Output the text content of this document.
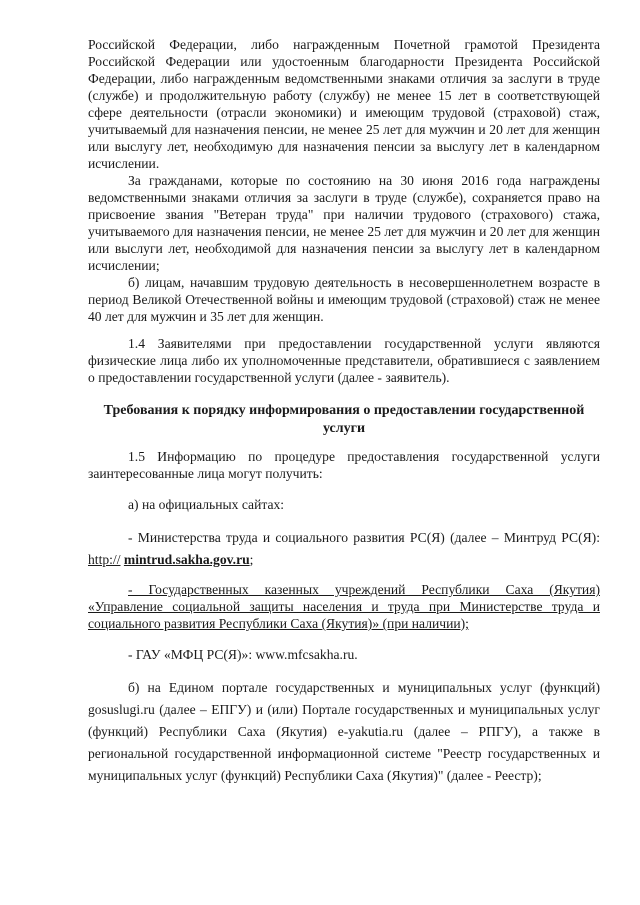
Российской Федерации, либо награжденным Почетной грамотой Президента Российской Федерации или удостоенным благодарности Президента Российской Федерации, либо награжденным ведомственными знаками отличия за заслуги в труде (службе) и продолжительную работу (службу) не менее 15 лет в соответствующей сфере деятельности (отрасли экономики) и имеющим трудовой (страховой) стаж, учитываемый для назначения пенсии, не менее 25 лет для мужчин и 20 лет для женщин или выслугу лет, необходимую для назначения пенсии за выслугу лет в календарном исчислении.

За гражданами, которые по состоянию на 30 июня 2016 года награждены ведомственными знаками отличия за заслуги в труде (службе), сохраняется право на присвоение звания "Ветеран труда" при наличии трудового (страхового) стажа, учитываемого для назначения пенсии, не менее 25 лет для мужчин и 20 лет для женщин или выслуги лет, необходимой для назначения пенсии за выслугу лет в календарном исчислении;

б) лицам, начавшим трудовую деятельность в несовершеннолетнем возрасте в период Великой Отечественной войны и имеющим трудовой (страховой) стаж не менее 40 лет для мужчин и 35 лет для женщин.

1.4 Заявителями при предоставлении государственной услуги являются физические лица либо их уполномоченные представители, обратившиеся с заявлением о предоставлении государственной услуги (далее - заявитель).

Требования к порядку информирования о предоставлении государственной услуги

1.5 Информацию по процедуре предоставления государственной услуги заинтересованные лица могут получить:

а) на официальных сайтах:

- Министерства труда и социального развития РС(Я) (далее – Минтруд РС(Я): http:// mintrud.sakha.gov.ru;

- Государственных казенных учреждений Республики Саха (Якутия) «Управление социальной защиты населения и труда при Министерстве труда и социального развития Республики Саха (Якутия)» (при наличии);

- ГАУ «МФЦ РС(Я)»: www.mfcsakha.ru.

б) на Едином портале государственных и муниципальных услуг (функций) gosuslugi.ru (далее – ЕПГУ) и (или) Портале государственных и муниципальных услуг (функций) Республики Саха (Якутия) e-yakutia.ru (далее – РПГУ), а также в региональной государственной информационной системе "Реестр государственных и муниципальных услуг (функций) Республики Саха (Якутия)" (далее - Реестр);
